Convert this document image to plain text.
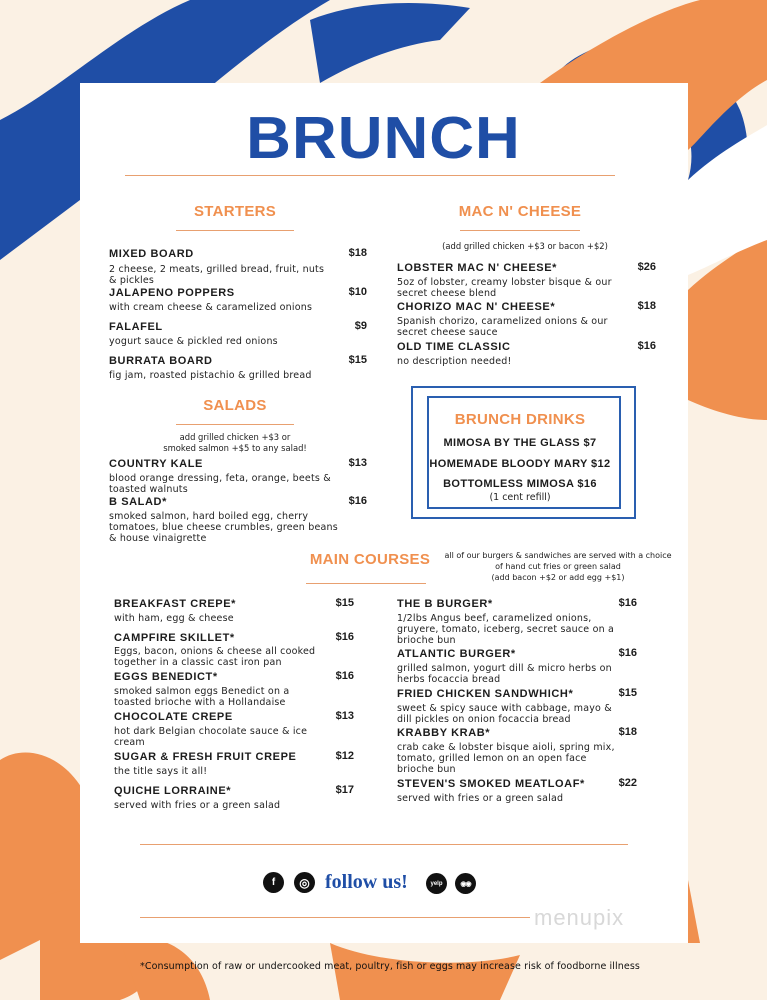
BRUNCH
STARTERS
MIXED BOARD	$18
2 cheese, 2 meats, grilled bread, fruit, nuts & pickles
JALAPENO POPPERS	$10
with cream cheese & caramelized onions
FALAFEL	$9
yogurt sauce & pickled red onions
BURRATA BOARD	$15
fig jam, roasted pistachio & grilled bread
MAC N' CHEESE
(add grilled chicken +$3 or bacon +$2)
LOBSTER MAC N' CHEESE*	$26
5oz of lobster, creamy lobster bisque & our secret cheese blend
CHORIZO MAC N' CHEESE*	$18
Spanish chorizo, caramelized onions & our secret cheese sauce
OLD TIME CLASSIC	$16
no description needed!
SALADS
add grilled chicken +$3 or
smoked salmon +$5 to any salad!
COUNTRY KALE	$13
blood orange dressing, feta, orange, beets & toasted walnuts
B SALAD*	$16
smoked salmon, hard boiled egg, cherry tomatoes, blue cheese crumbles, green beans & house vinaigrette
BRUNCH DRINKS
MIMOSA BY THE GLASS $7
HOMEMADE BLOODY MARY $12
BOTTOMLESS MIMOSA $16
(1 cent refill)
MAIN COURSES	all of our burgers & sandwiches are served with a choice
of hand cut fries or green salad
(add bacon +$2 or add egg +$1)
BREAKFAST CREPE*	$15
with ham, egg & cheese
CAMPFIRE SKILLET*	$16
Eggs, bacon, onions & cheese all cooked together in a classic cast iron pan
EGGS BENEDICT*	$16
smoked salmon eggs Benedict on a toasted brioche with a Hollandaise
CHOCOLATE CREPE	$13
hot dark Belgian chocolate sauce & ice cream
SUGAR & FRESH FRUIT CREPE	$12
the title says it all!
QUICHE LORRAINE*	$17
served with fries or a green salad
THE B BURGER*	$16
1/2lbs Angus beef, caramelized onions, gruyere, tomato, iceberg, secret sauce on a brioche bun
ATLANTIC BURGER*	$16
grilled salmon, yogurt dill & micro herbs on herbs focaccia bread
FRIED CHICKEN SANDWHICH*	$15
sweet & spicy sauce with cabbage, mayo & dill pickles on onion focaccia bread
KRABBY KRAB*	$18
crab cake & lobster bisque aioli, spring mix, tomato, grilled lemon on an open face brioche bun
STEVEN'S SMOKED MEATLOAF*	$22
served with fries or a green salad
f	◎ follow us!	yelp	◉◉
menupix
*Consumption of raw or undercooked meat, poultry, fish or eggs may increase risk of foodborne illness
